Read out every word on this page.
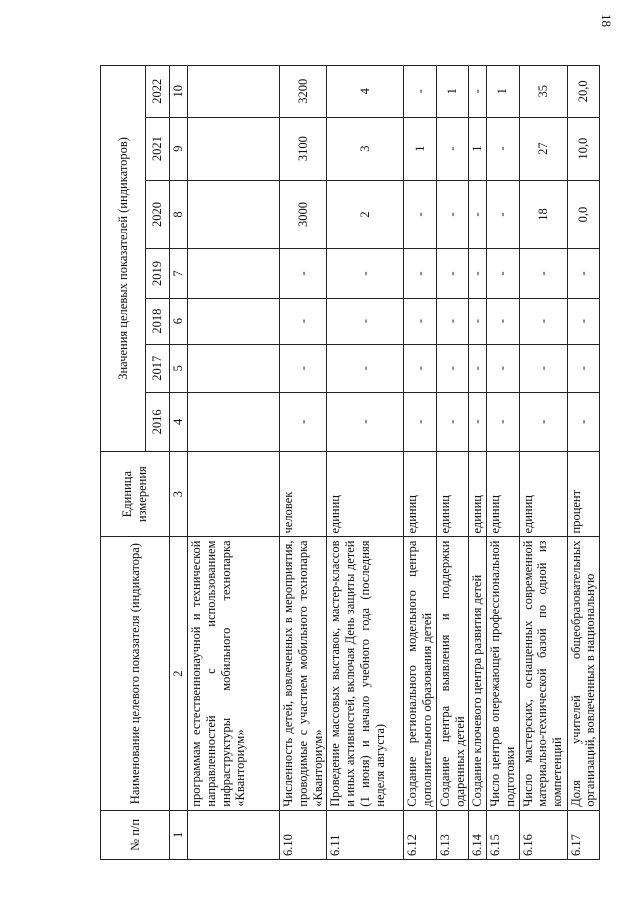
18
№ п/п	Наименование целевого показателя (индикатора)	Единица измерения	Значения целевых показателей (индикаторов)						
			2016	2017	2018	2019	2020	2021	2022
1	2	3	4	5	6	7	8	9	10
	программам естественнонаучной и технической направленностей с использованием инфраструктуры мобильного технопарка «Кванториум»								
6.10	Численность детей, вовлеченных в мероприятия, проводимые с участием мобильного технопарка «Кванториум»	человек	-	-	-	-	3000	3100	3200
6.11	Проведение массовых выставок, мастер-классов и иных активностей, включая День защиты детей (1 июня) и начало учебного года (последняя неделя августа)	единиц	-	-	-	-	2	3	4
6.12	Создание регионального модельного центра дополнительного образования детей	единиц	-	-	-	-	-	1	-
6.13	Создание центра выявления и поддержки одаренных детей	единиц	-	-	-	-	-	-	1
6.14	Создание ключевого центра развития детей	единиц	-	-	-	-	-	1	-
6.15	Число центров опережающей профессиональной подготовки	единиц	-	-	-	-	-	-	1
6.16	Число мастерских, оснащенных современной материально-технической базой по одной из компетенций	единиц	-	-	-	-	18	27	35
6.17	Доля учителей общеобразовательных организаций, вовлеченных в национальную	процент	-	-	-	-	0,0	10,0	20,0
